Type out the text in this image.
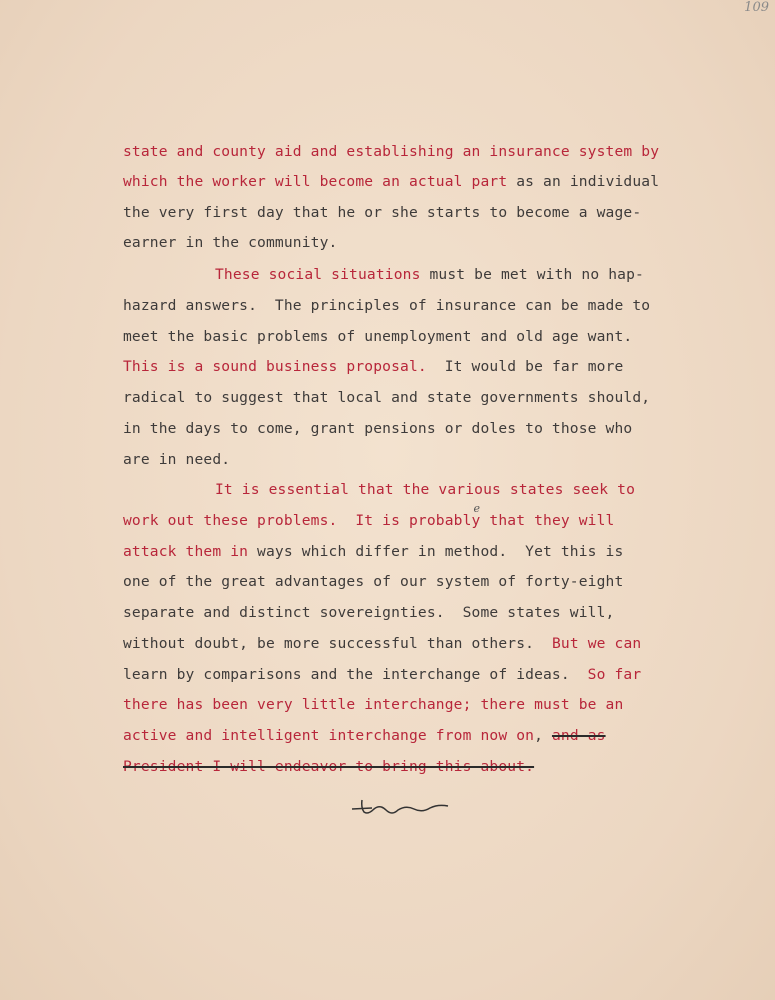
109
state and county aid and establishing an insurance system by
which the worker will become an actual part as an individual
the very first day that he or she starts to become a wage-
earner in the community.
These social situations must be met with no hap-
hazard answers.  The principles of insurance can be made to
meet the basic problems of unemployment and old age want.
This is a sound business proposal.  It would be far more
radical to suggest that local and state governments should,
in the days to come, grant pensions or doles to those who
are in need.
It is essential that the various states seek to
work out these problems.  It is probably
e
that they will
attack them in ways which differ in method.  Yet this is
one of the great advantages of our system of forty-eight
separate and distinct sovereignties.  Some states will,
without doubt, be more successful than others.  But we can
learn by comparisons and the interchange of ideas.  So far
there has been very little interchange; there must be an
active and intelligent interchange from now on, and as
President I will endeavor to bring this about.
